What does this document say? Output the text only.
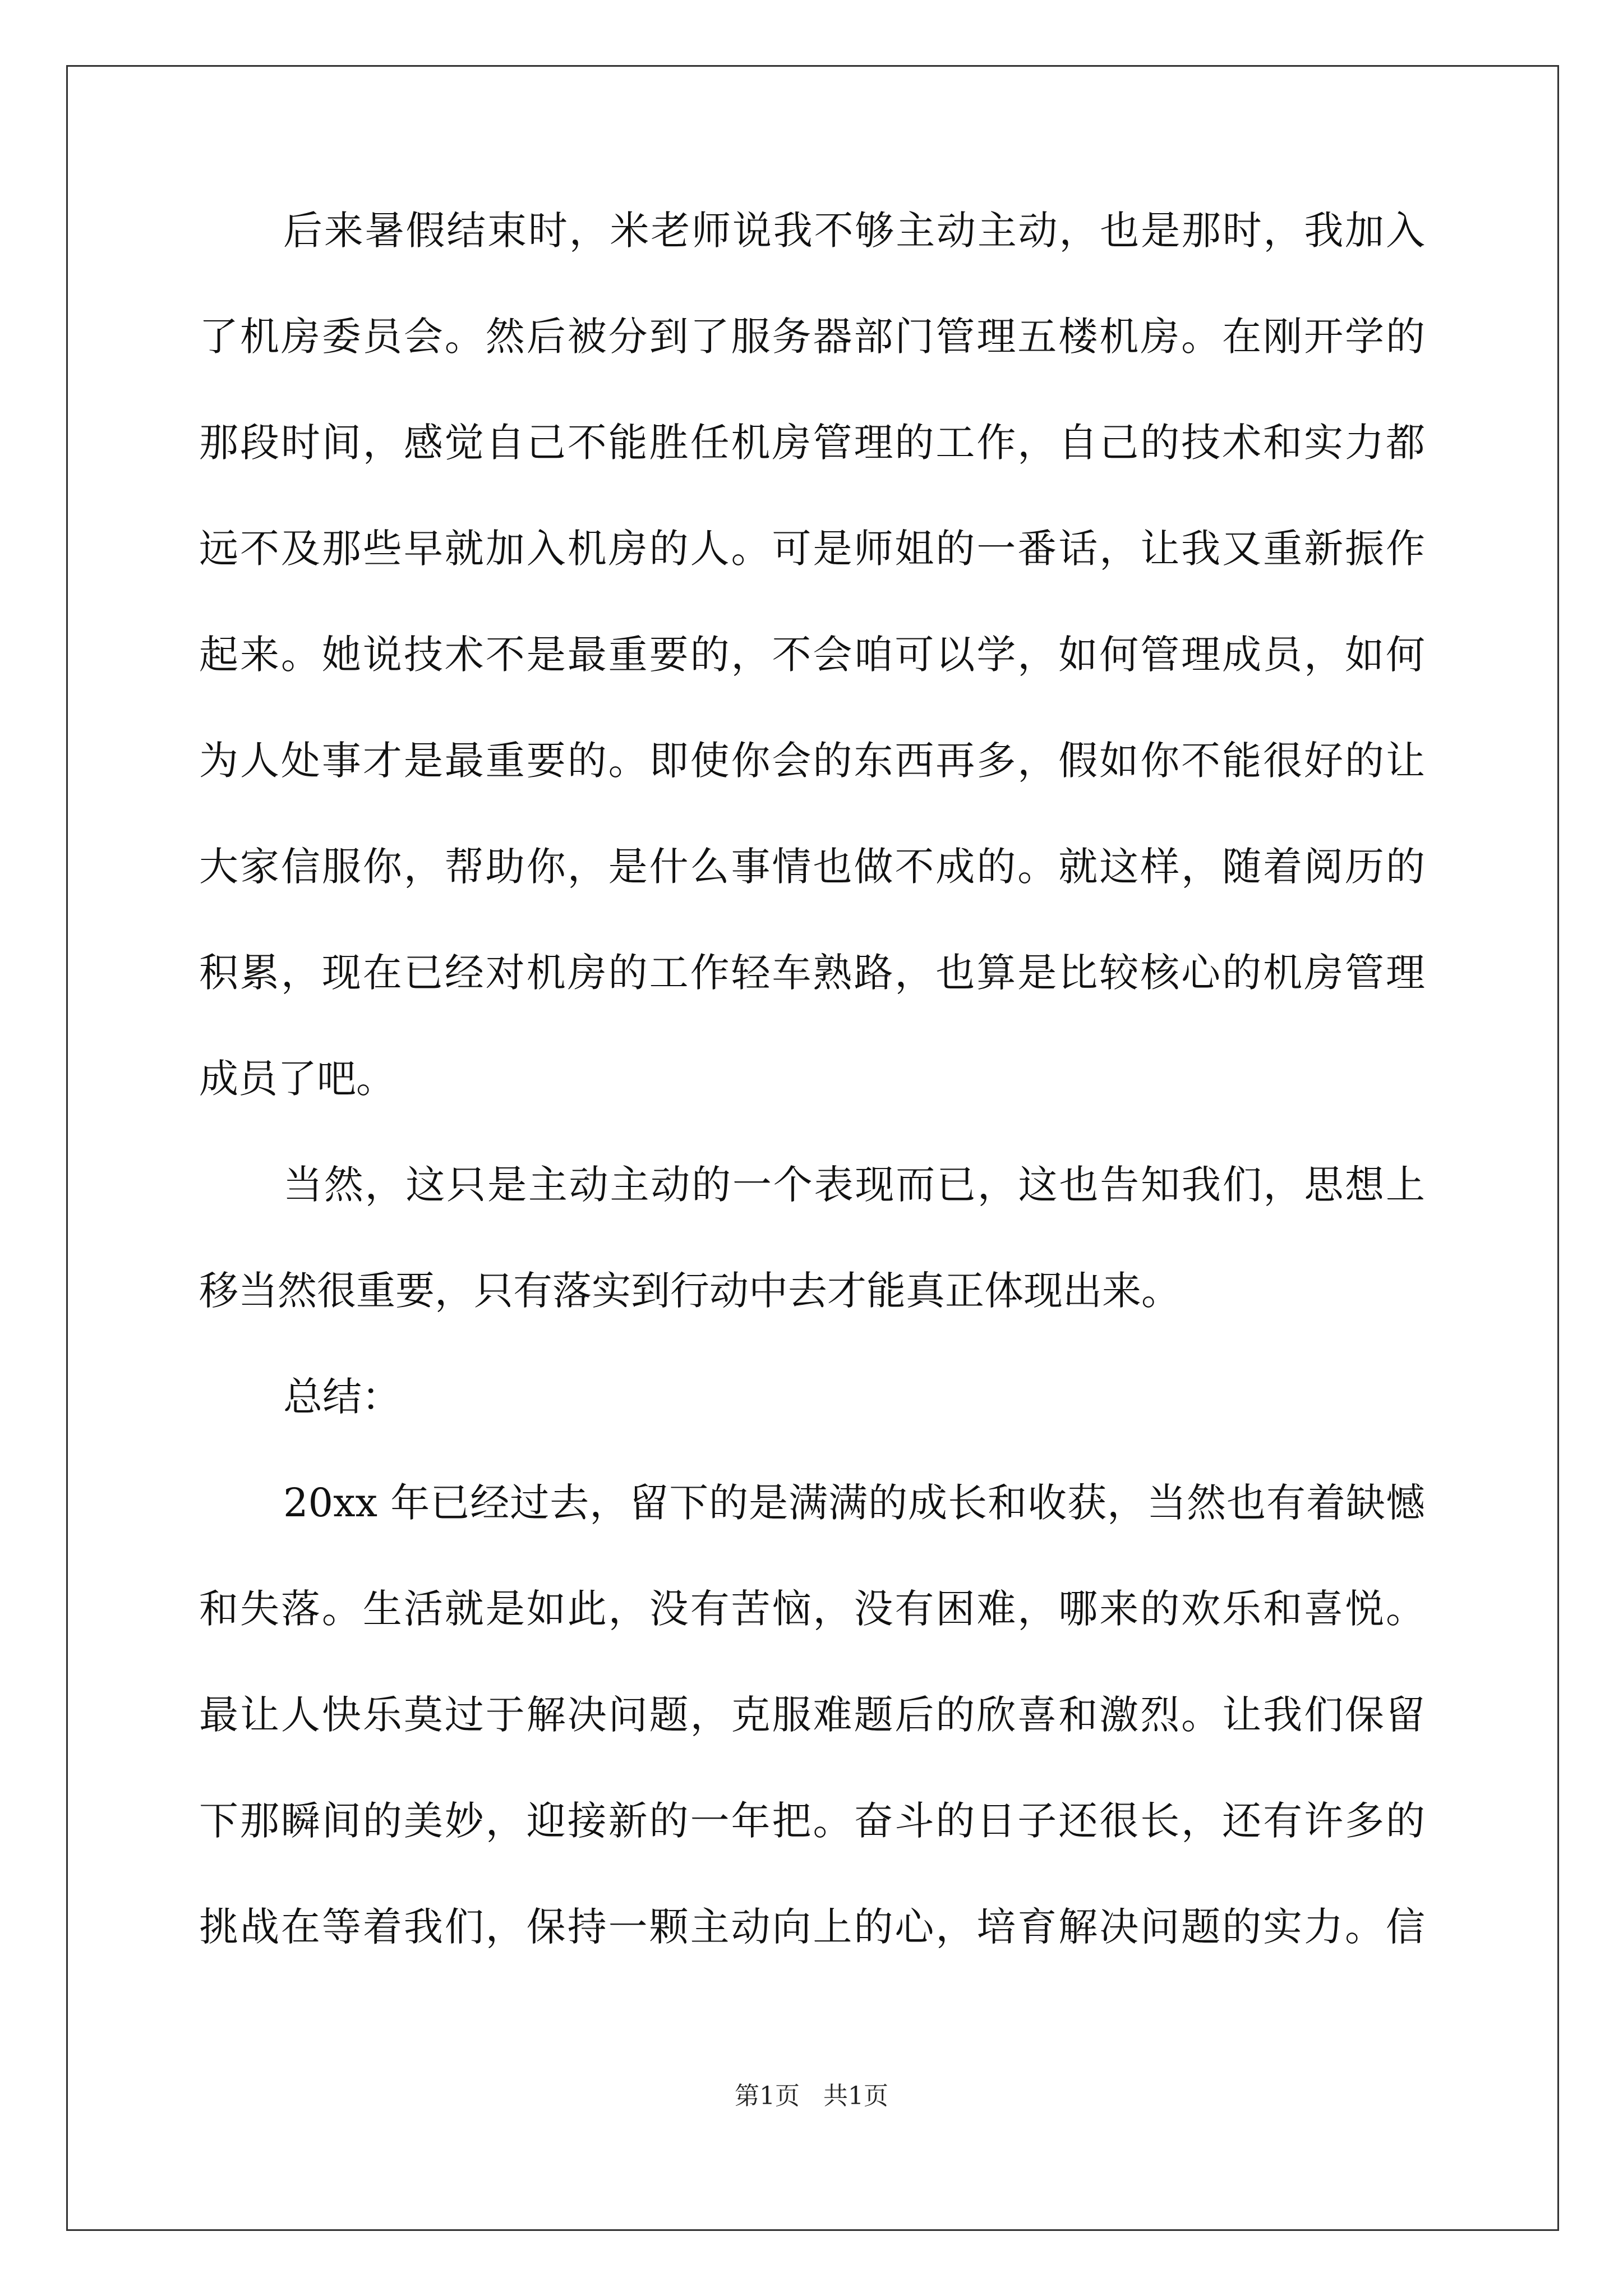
后来暑假结束时，米老师说我不够主动主动，也是那时，我加入
了机房委员会。然后被分到了服务器部门管理五楼机房。在刚开学的
那段时间，感觉自己不能胜任机房管理的工作，自己的技术和实力都
远不及那些早就加入机房的人。可是师姐的一番话，让我又重新振作
起来。她说技术不是最重要的，不会咱可以学，如何管理成员，如何
为人处事才是最重要的。即使你会的东西再多，假如你不能很好的让
大家信服你，帮助你，是什么事情也做不成的。就这样，随着阅历的
积累，现在已经对机房的工作轻车熟路，也算是比较核心的机房管理
成员了吧。
当然，这只是主动主动的一个表现而已，这也告知我们，思想上
移当然很重要，只有落实到行动中去才能真正体现出来。
总结：
20xx 年已经过去，留下的是满满的成长和收获，当然也有着缺憾
和失落。生活就是如此，没有苦恼，没有困难，哪来的欢乐和喜悦。
最让人快乐莫过于解决问题，克服难题后的欣喜和激烈。让我们保留
下那瞬间的美妙，迎接新的一年把。奋斗的日子还很长，还有许多的
挑战在等着我们，保持一颗主动向上的心，培育解决问题的实力。信
第1页   共1页
